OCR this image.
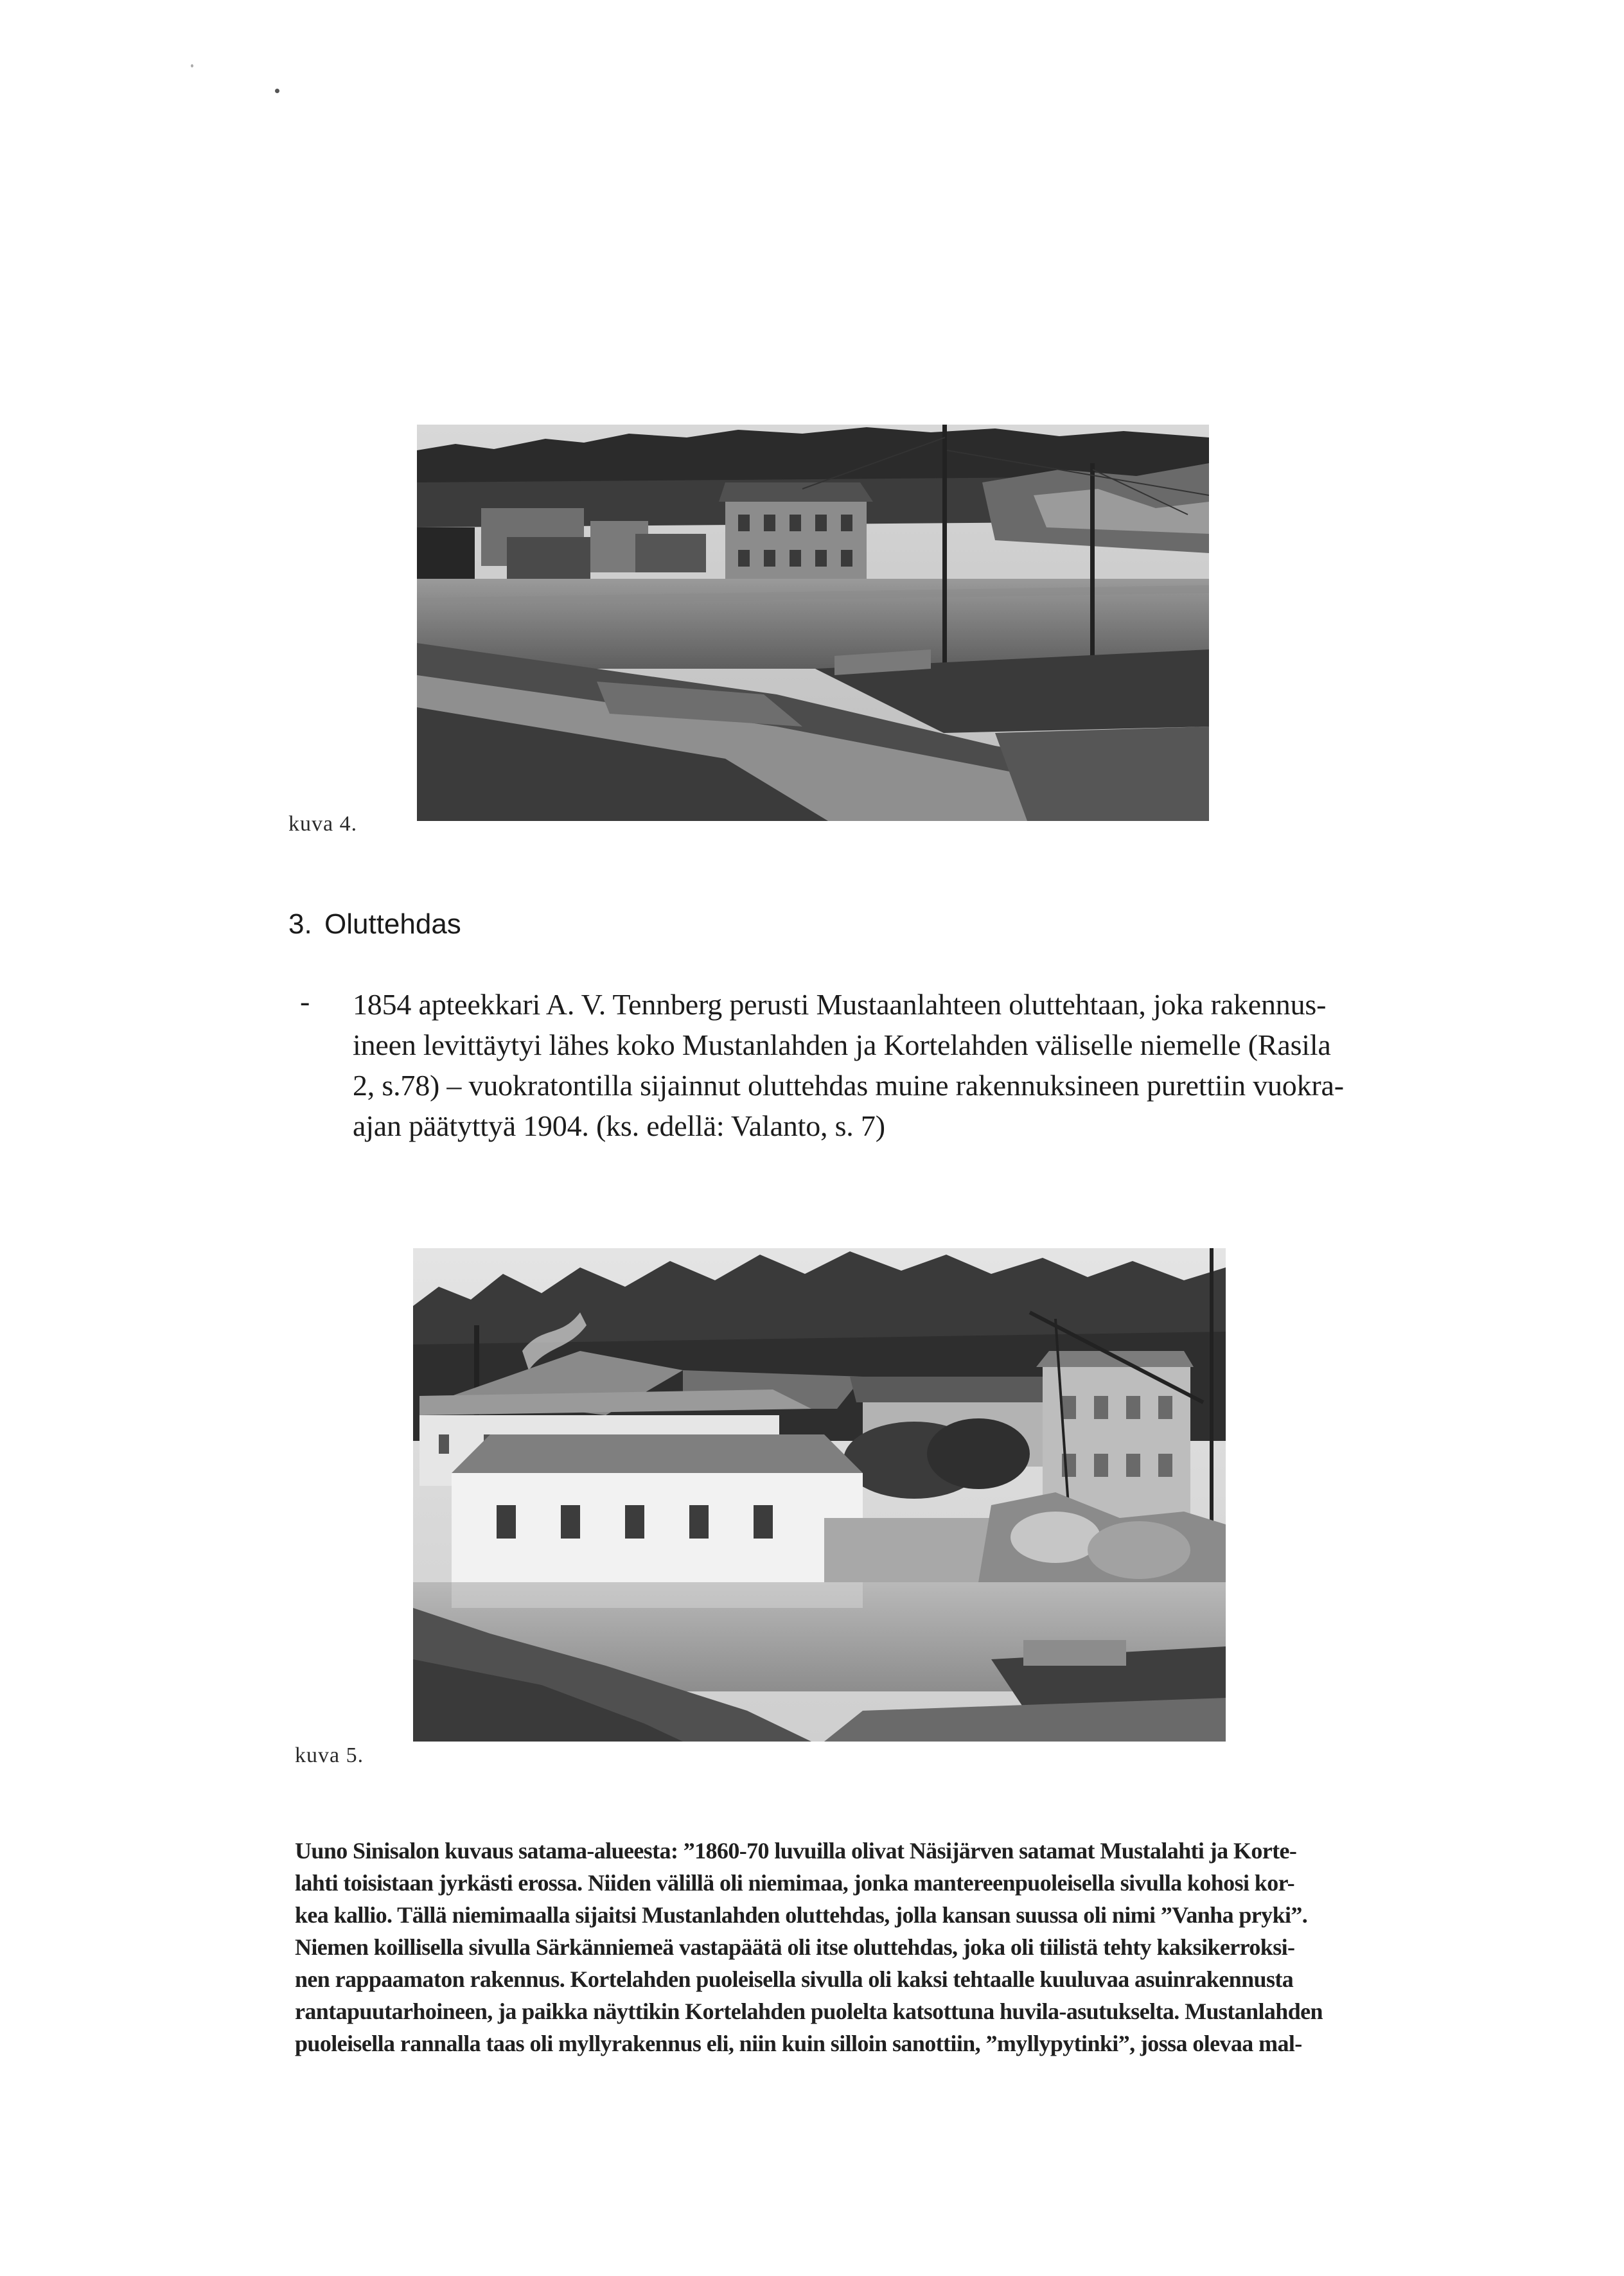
kuva 4.
3. Oluttehdas
- 1854 apteekkari A. V. Tennberg perusti Mustaanlahteen oluttehtaan, joka rakennus-
ineen levittäytyi lähes koko Mustanlahden ja Kortelahden väliselle niemelle (Rasila
2, s.78) – vuokratontilla sijainnut oluttehdas muine rakennuksineen purettiin vuokra-
ajan päätyttyä 1904. (ks. edellä: Valanto, s. 7)
kuva 5.
Uuno Sinisalon kuvaus satama-alueesta: ”1860-70 luvuilla olivat Näsijärven satamat Mustalahti ja Korte-
lahti toisistaan jyrkästi erossa. Niiden välillä oli niemimaa, jonka mantereenpuoleisella sivulla kohosi kor-
kea kallio. Tällä niemimaalla sijaitsi Mustanlahden oluttehdas, jolla kansan suussa oli nimi ”Vanha pryki”.
Niemen koillisella sivulla Särkänniemeä vastapäätä oli itse oluttehdas, joka oli tiilistä tehty kaksikerroksi-
nen rappaamaton rakennus. Kortelahden puoleisella sivulla oli kaksi tehtaalle kuuluvaa asuinrakennusta
rantapuutarhoineen, ja paikka näyttikin Kortelahden puolelta katsottuna huvila-asutukselta. Mustanlahden
puoleisella rannalla taas oli myllyrakennus eli, niin kuin silloin sanottiin, ”myllypytinki”, jossa olevaa mal-
